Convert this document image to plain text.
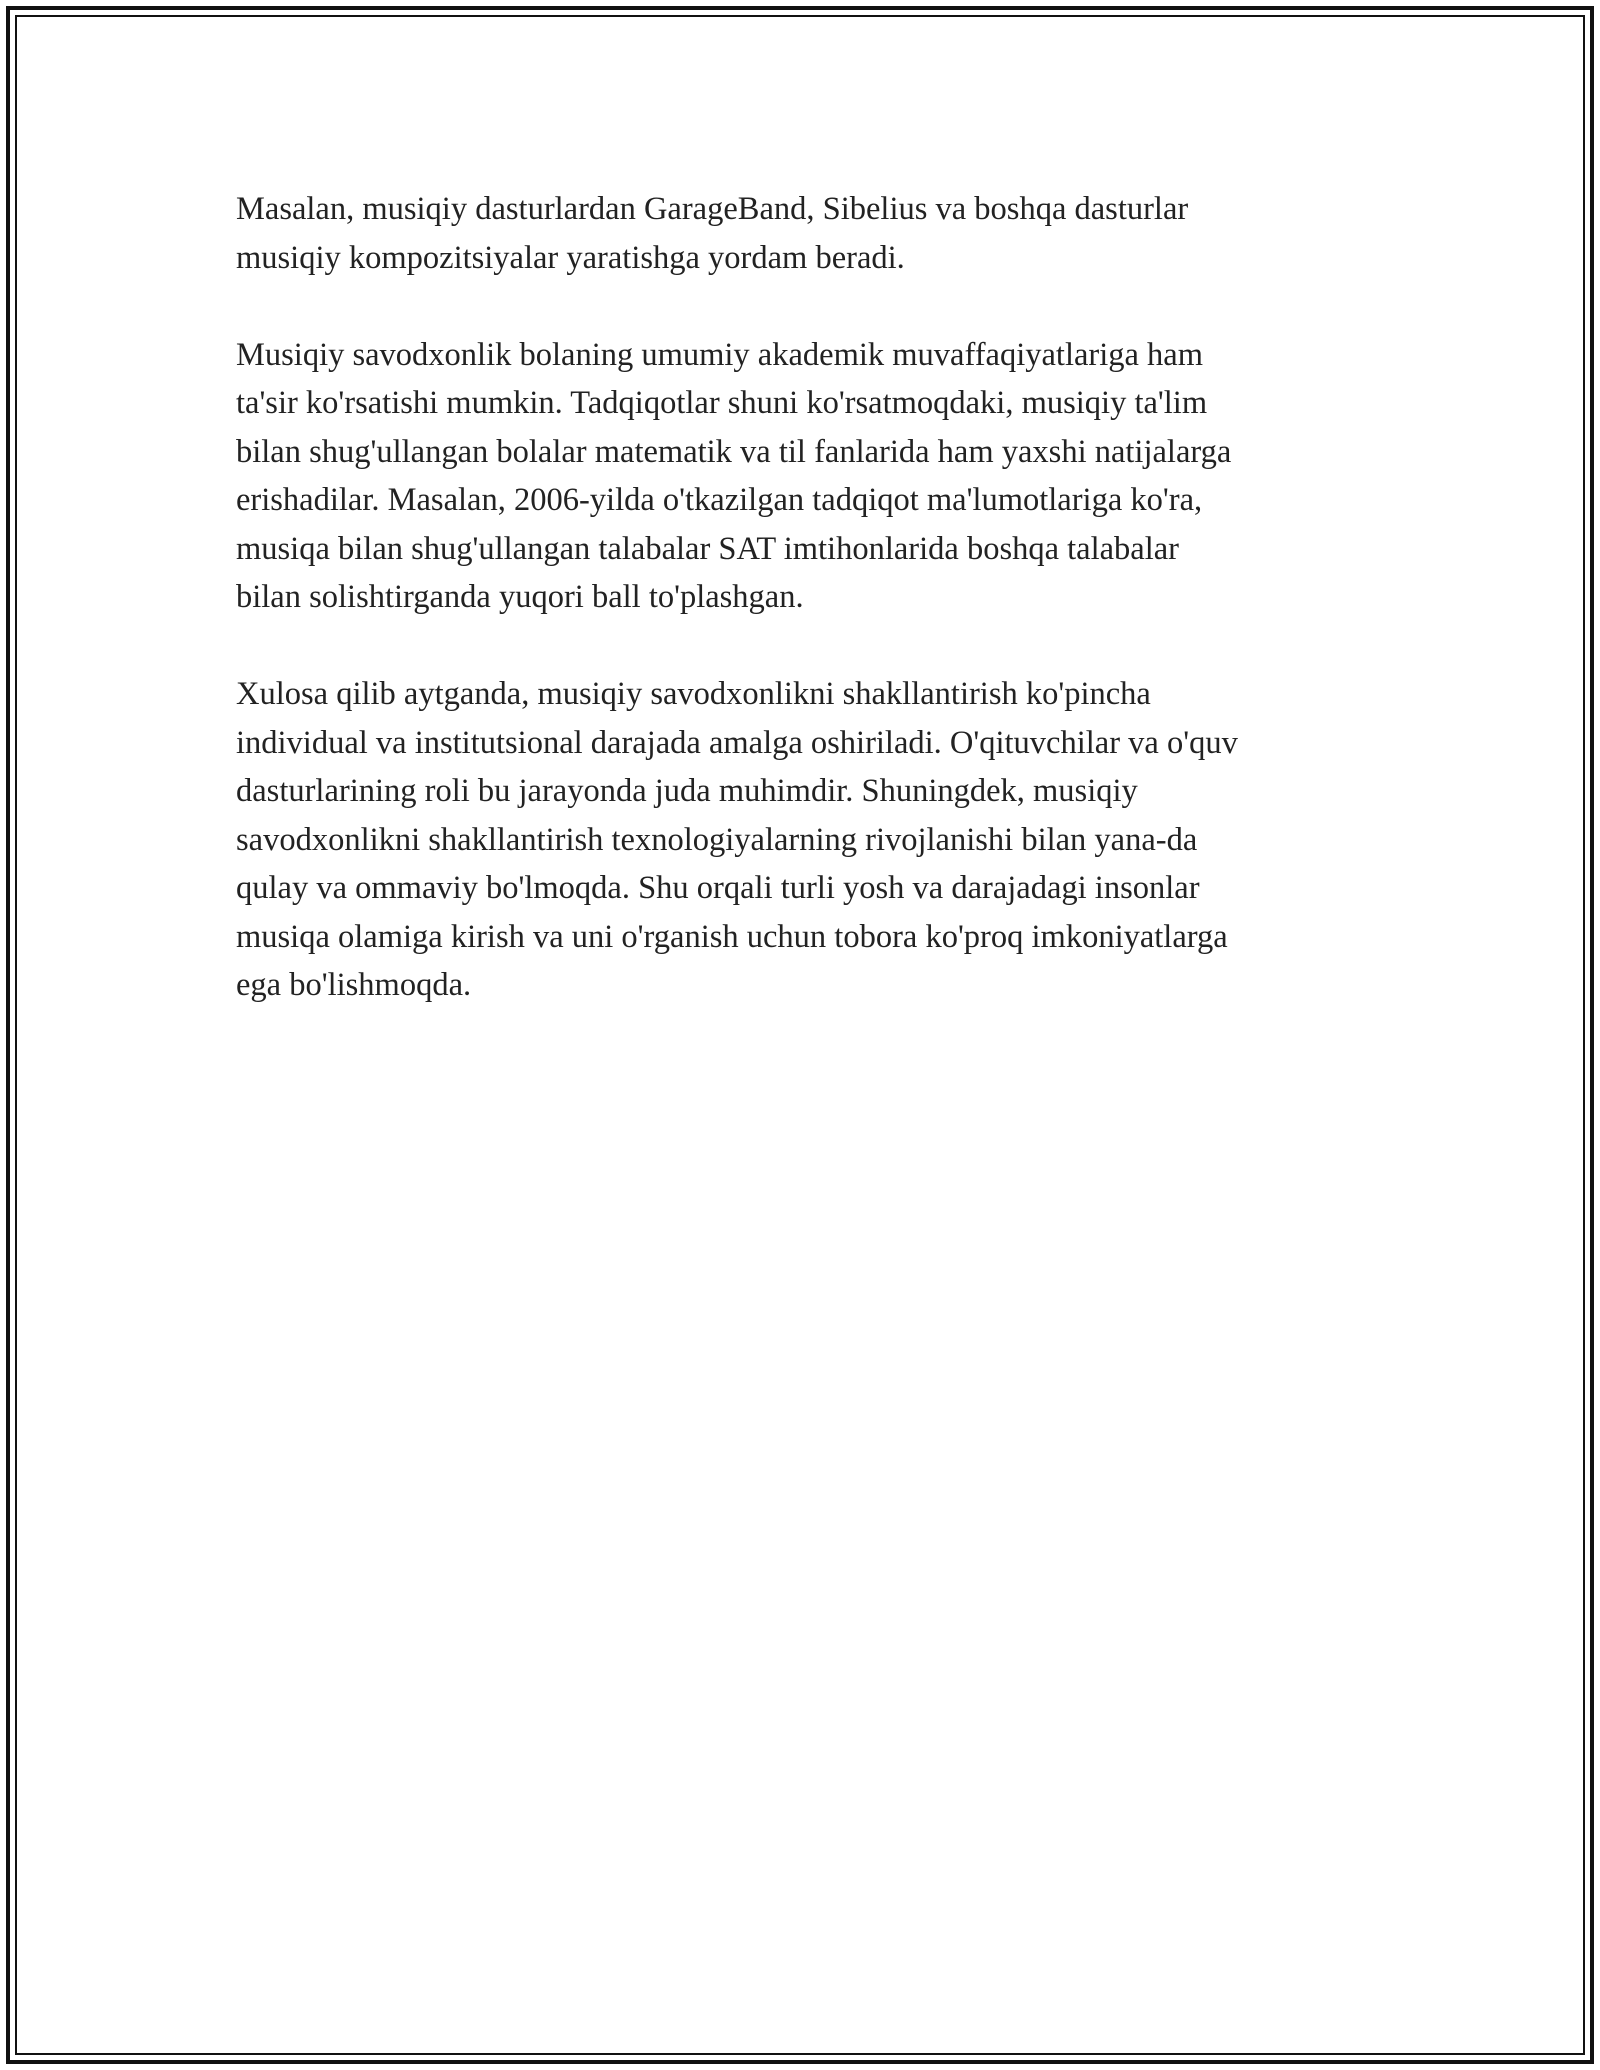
Masalan, musiqiy dasturlardan GarageBand, Sibelius va boshqa dasturlar
musiqiy kompozitsiyalar yaratishga yordam beradi.

Musiqiy savodxonlik bolaning umumiy akademik muvaffaqiyatlariga ham
ta'sir ko'rsatishi mumkin. Tadqiqotlar shuni ko'rsatmoqdaki, musiqiy ta'lim
bilan shug'ullangan bolalar matematik va til fanlarida ham yaxshi natijalarga
erishadilar. Masalan, 2006-yilda o'tkazilgan tadqiqot ma'lumotlariga ko'ra,
musiqa bilan shug'ullangan talabalar SAT imtihonlarida boshqa talabalar
bilan solishtirganda yuqori ball to'plashgan.

Xulosa qilib aytganda, musiqiy savodxonlikni shakllantirish ko'pincha
individual va institutsional darajada amalga oshiriladi. O'qituvchilar va o'quv
dasturlarining roli bu jarayonda juda muhimdir. Shuningdek, musiqiy
savodxonlikni shakllantirish texnologiyalarning rivojlanishi bilan yana-da
qulay va ommaviy bo'lmoqda. Shu orqali turli yosh va darajadagi insonlar
musiqa olamiga kirish va uni o'rganish uchun tobora ko'proq imkoniyatlarga
ega bo'lishmoqda.
